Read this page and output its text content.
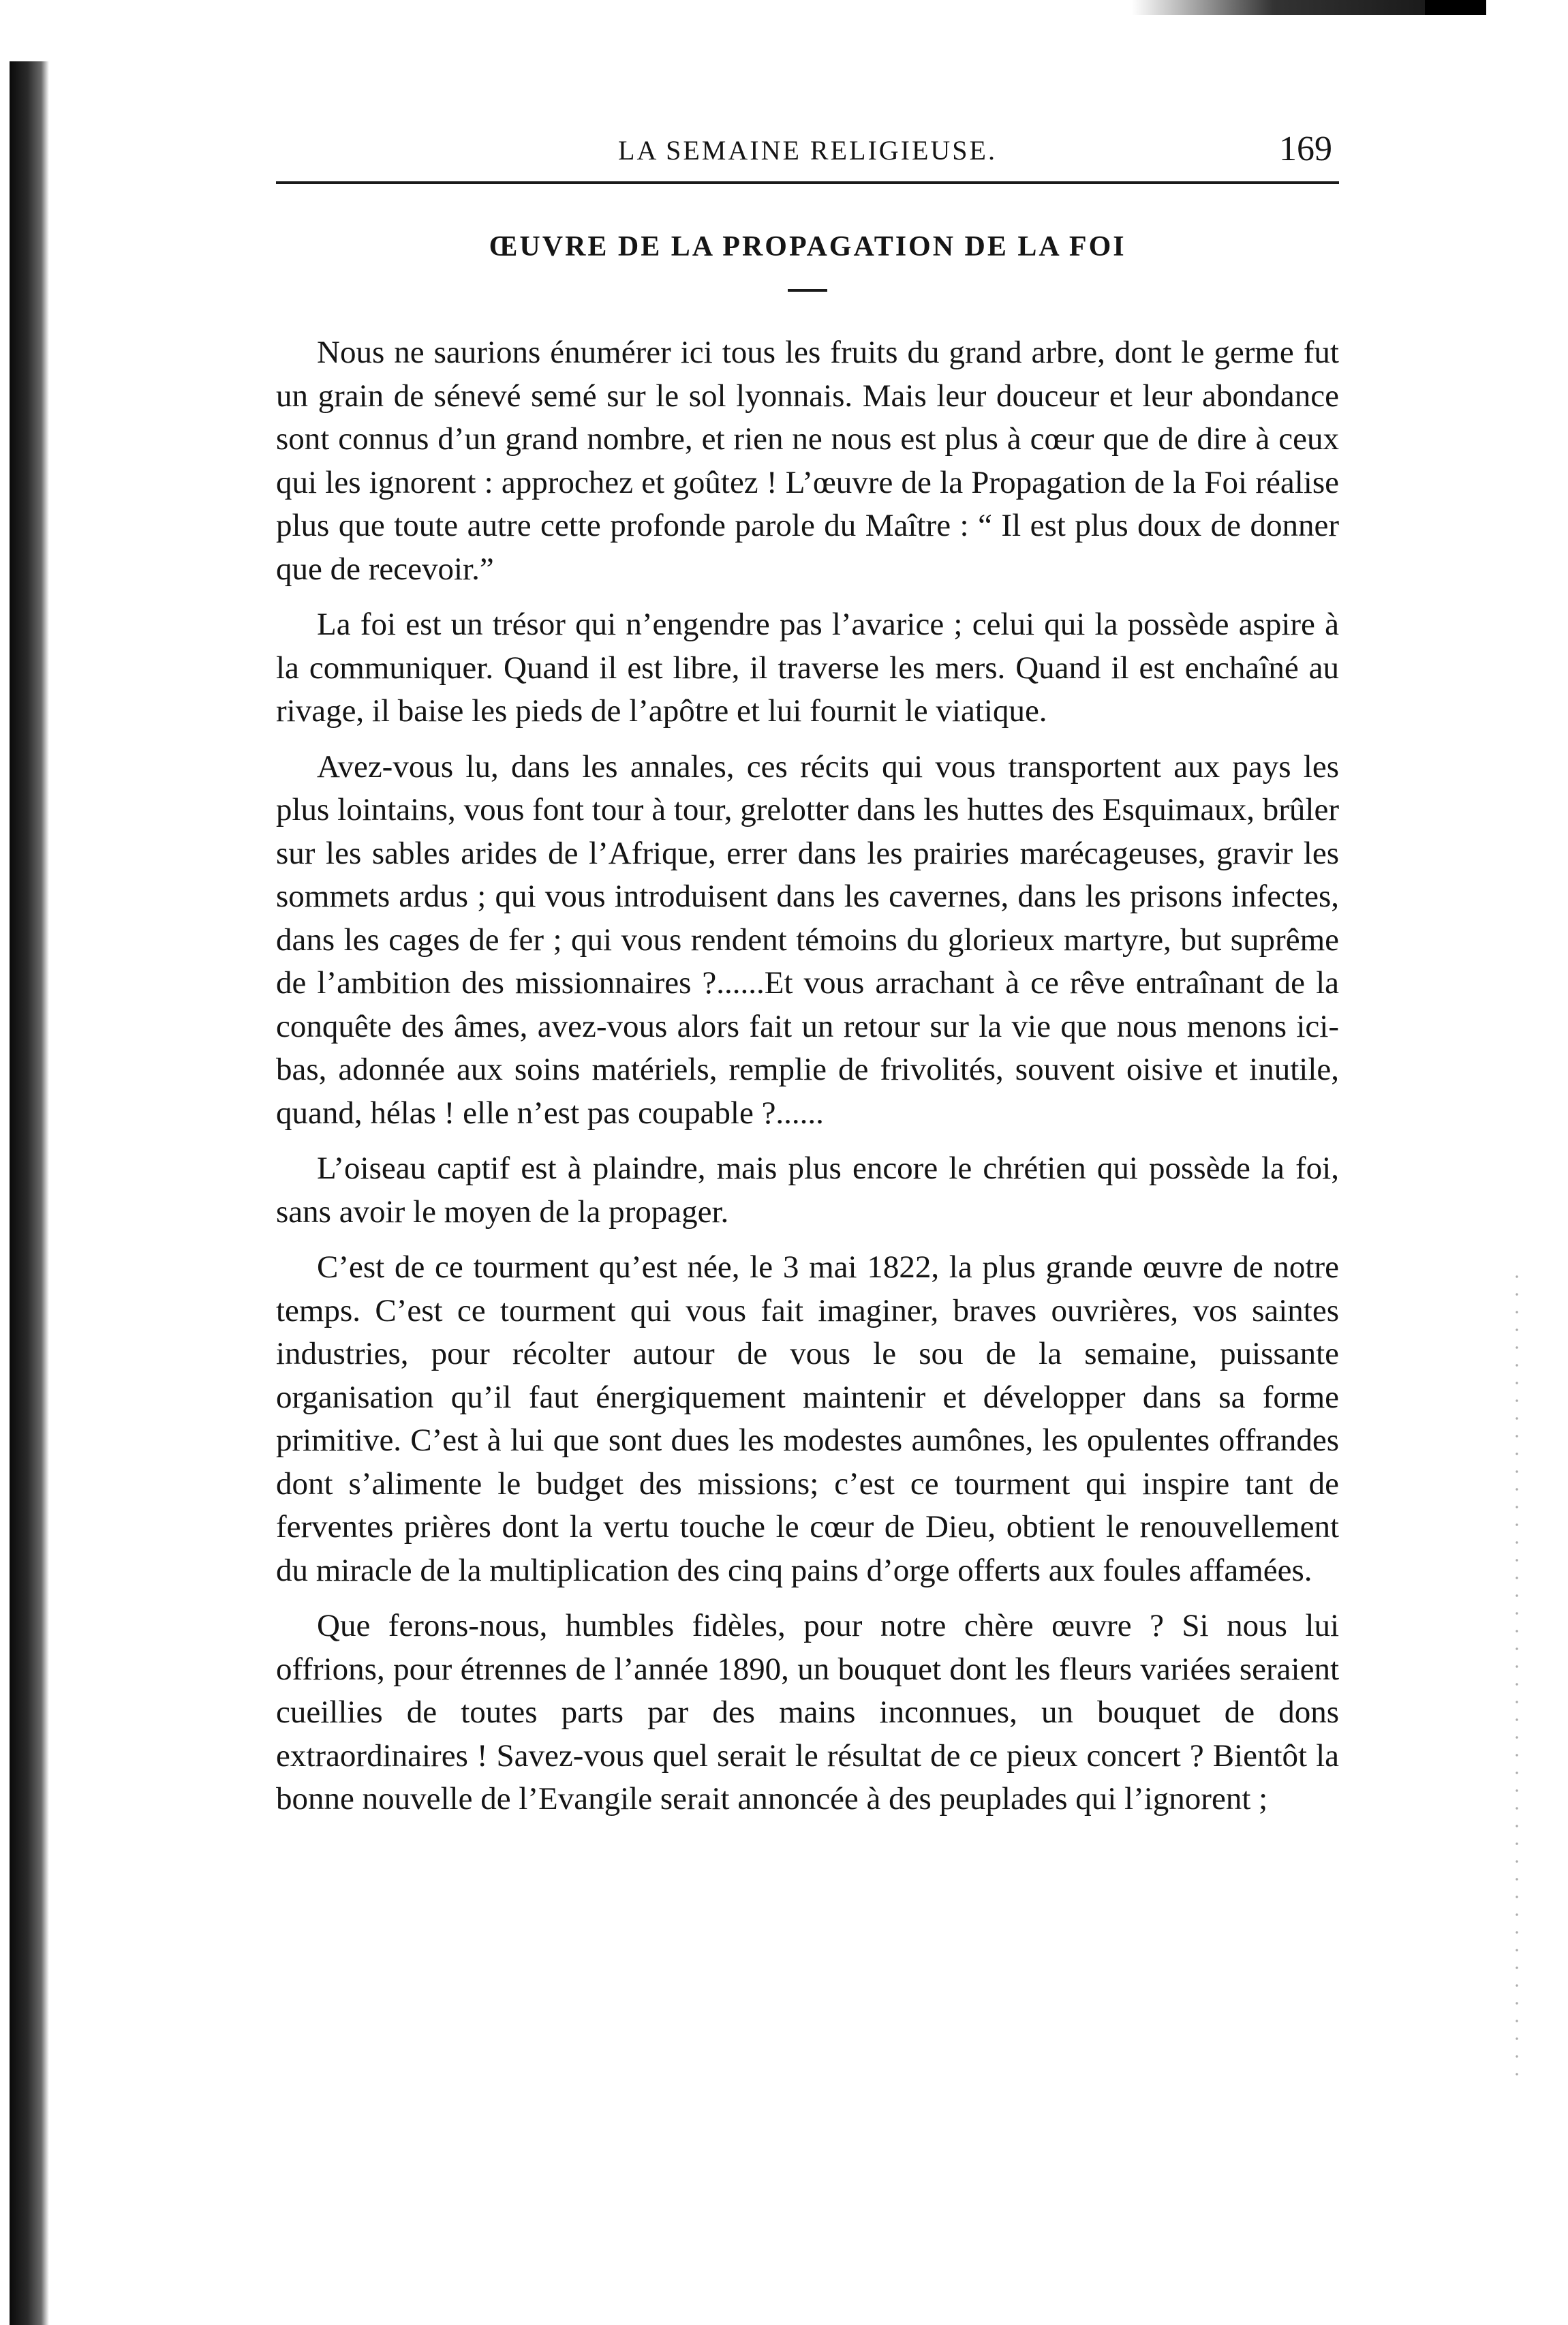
LA SEMAINE RELIGIEUSE.	169
ŒUVRE DE LA PROPAGATION DE LA FOI

Nous ne saurions énumérer ici tous les fruits du grand arbre, dont le germe fut un grain de sénevé semé sur le sol lyonnais. Mais leur douceur et leur abondance sont connus d’un grand nombre, et rien ne nous est plus à cœur que de dire à ceux qui les ignorent : approchez et goûtez ! L’œuvre de la Propagation de la Foi réalise plus que toute autre cette profonde parole du Maître : “ Il est plus doux de donner que de recevoir.”

La foi est un trésor qui n’engendre pas l’avarice ; celui qui la possède aspire à la communiquer. Quand il est libre, il traverse les mers. Quand il est enchaîné au rivage, il baise les pieds de l’apôtre et lui fournit le viatique.

Avez-vous lu, dans les annales, ces récits qui vous transportent aux pays les plus lointains, vous font tour à tour, grelotter dans les huttes des Esquimaux, brûler sur les sables arides de l’Afrique, errer dans les prairies marécageuses, gravir les sommets ardus ; qui vous introduisent dans les cavernes, dans les prisons infectes, dans les cages de fer ; qui vous rendent témoins du glorieux martyre, but suprême de l’ambition des missionnaires ?......Et vous arrachant à ce rêve entraînant de la conquête des âmes, avez-vous alors fait un retour sur la vie que nous menons ici-bas, adonnée aux soins matériels, remplie de frivolités, souvent oisive et inutile, quand, hélas ! elle n’est pas coupable ?......

L’oiseau captif est à plaindre, mais plus encore le chrétien qui possède la foi, sans avoir le moyen de la propager.

C’est de ce tourment qu’est née, le 3 mai 1822, la plus grande œuvre de notre temps. C’est ce tourment qui vous fait imaginer, braves ouvrières, vos saintes industries, pour récolter autour de vous le sou de la semaine, puissante organisation qu’il faut énergiquement maintenir et développer dans sa forme primitive. C’est à lui que sont dues les modestes aumônes, les opulentes offrandes dont s’alimente le budget des missions; c’est ce tourment qui inspire tant de ferventes prières dont la vertu touche le cœur de Dieu, obtient le renouvellement du miracle de la multiplication des cinq pains d’orge offerts aux foules affamées.

Que ferons-nous, humbles fidèles, pour notre chère œuvre ? Si nous lui offrions, pour étrennes de l’année 1890, un bouquet dont les fleurs variées seraient cueillies de toutes parts par des mains inconnues, un bouquet de dons extraordinaires ! Savez-vous quel serait le résultat de ce pieux concert ? Bientôt la bonne nouvelle de l’Evangile serait annoncée à des peuplades qui l’ignorent ;
